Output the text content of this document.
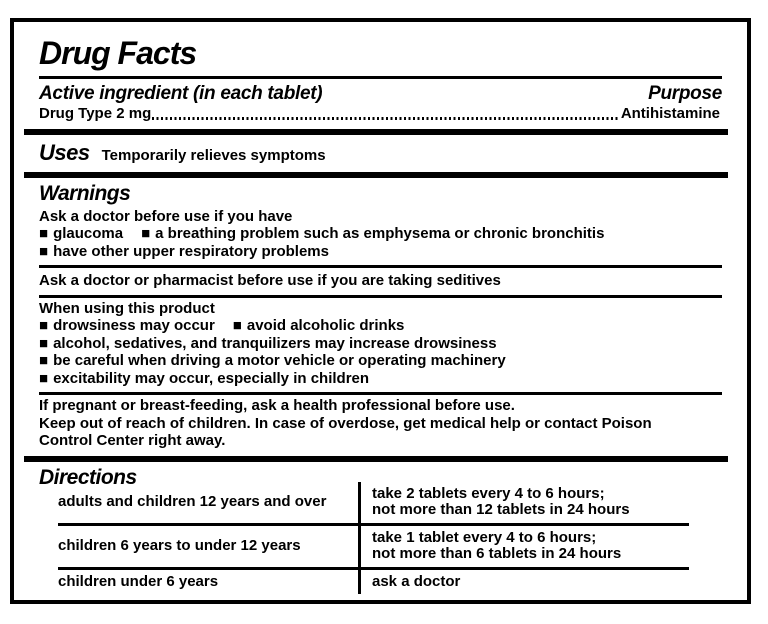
Drug Facts
Active ingredient (in each tablet)	Purpose
Drug Type 2 mg	Antihistamine
Uses Temporarily relieves symptoms
Warnings
Ask a doctor before use if you have
■ glaucoma ■ a breathing problem such as emphysema or chronic bronchitis
■ have other upper respiratory problems
Ask a doctor or pharmacist before use if you are taking seditives
When using this product
■ drowsiness may occur ■ avoid alcoholic drinks
■ alcohol, sedatives, and tranquilizers may increase drowsiness
■ be careful when driving a motor vehicle or operating machinery
■ excitability may occur, especially in children
If pregnant or breast-feeding, ask a health professional before use.
Keep out of reach of children. In case of overdose, get medical help or contact Poison
Control Center right away.
Directions
adults and children 12 years and over	take 2 tablets every 4 to 6 hours;
not more than 12 tablets in 24 hours
children 6 years to under 12 years	take 1 tablet every 4 to 6 hours;
not more than 6 tablets in 24 hours
children under 6 years	ask a doctor
